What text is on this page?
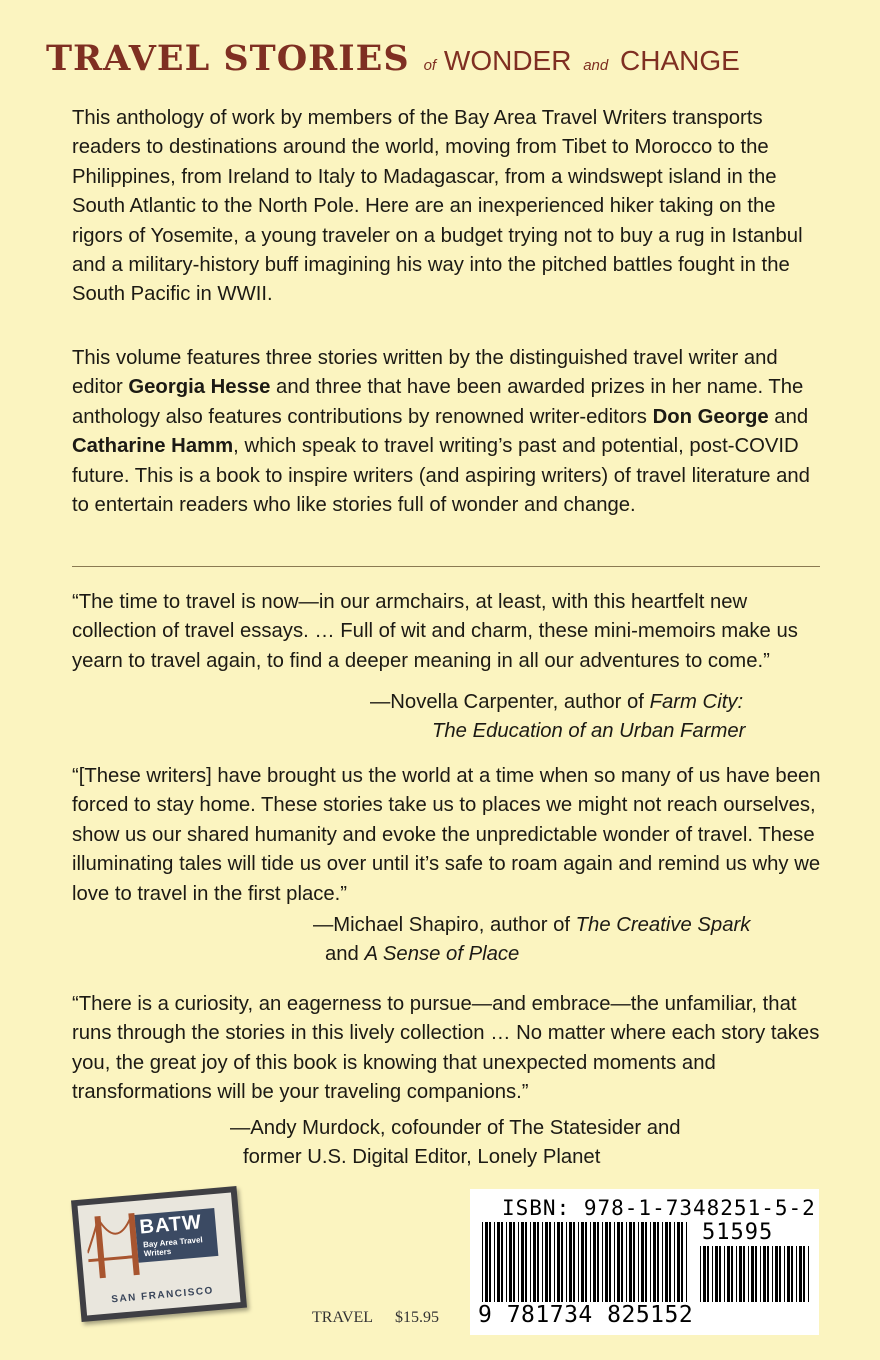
TRAVEL STORIES of WONDER and CHANGE

This anthology of work by members of the Bay Area Travel Writers transports readers to destinations around the world, moving from Tibet to Morocco to the Philippines, from Ireland to Italy to Madagascar, from a windswept island in the South Atlantic to the North Pole. Here are an inexperienced hiker taking on the rigors of Yosemite, a young traveler on a budget trying not to buy a rug in Istanbul and a military-history buff imagining his way into the pitched battles fought in the South Pacific in WWII.

This volume features three stories written by the distinguished travel writer and editor Georgia Hesse and three that have been awarded prizes in her name. The anthology also features contributions by renowned writer-editors Don George and Catharine Hamm, which speak to travel writing’s past and potential, post-COVID future. This is a book to inspire writers (and aspiring writers) of travel literature and to entertain readers who like stories full of wonder and change.

“The time to travel is now—in our armchairs, at least, with this heartfelt new collection of travel essays. … Full of wit and charm, these mini-memoirs make us yearn to travel again, to find a deeper meaning in all our adventures to come.”

—Novella Carpenter, author of Farm City:
The Education of an Urban Farmer

“[These writers] have brought us the world at a time when so many of us have been forced to stay home. These stories take us to places we might not reach ourselves, show us our shared humanity and evoke the unpredictable wonder of travel. These illuminating tales will tide us over until it’s safe to roam again and remind us why we love to travel in the first place.”

—Michael Shapiro, author of The Creative Spark
and A Sense of Place

“There is a curiosity, an eagerness to pursue—and embrace—the unfamiliar, that runs through the stories in this lively collection … No matter where each story takes you, the great joy of this book is knowing that unexpected moments and transformations will be your traveling companions.”

—Andy Murdock, cofounder of The Statesider and
former U.S. Digital Editor, Lonely Planet
BATW
Bay Area Travel Writers
SAN FRANCISCO
TRAVEL $15.95
ISBN: 978-1-7348251-5-2
51595
9 781734 825152
